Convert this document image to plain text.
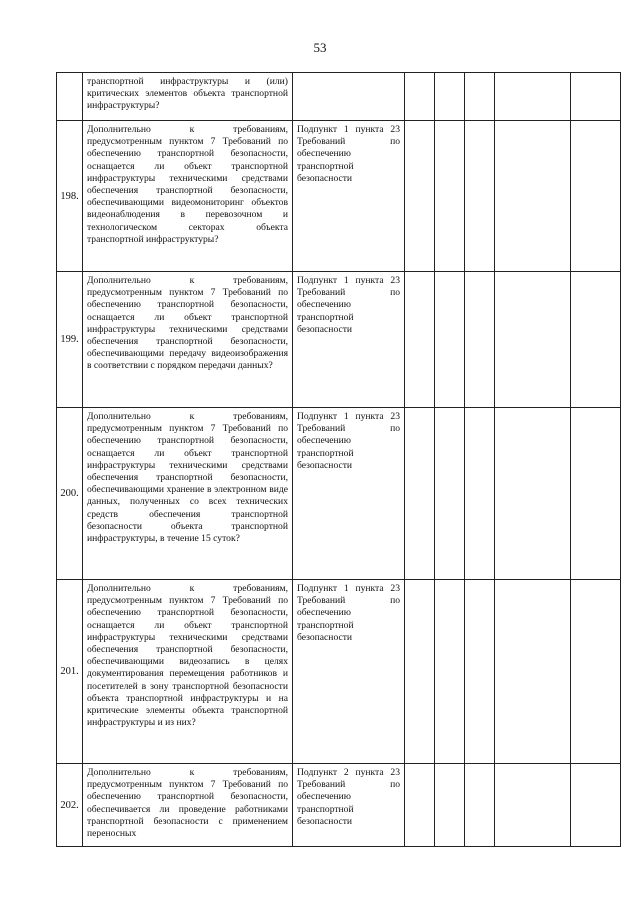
53
	транспортной инфраструктуры и (или) критических элементов объекта транспортной инфраструктуры?						
198.	Дополнительно к требованиям, предусмотренным пунктом 7 Требований по обеспечению транспортной безопасности, оснащается ли объект транспортной инфраструктуры техническими средствами обеспечения транспортной безопасности, обеспечивающими видеомониторинг объектов видеонаблюдения в перевозочном и технологическом секторах объекта транспортной инфраструктуры?	Подпункт 1 пункта 23 Требований по обеспечению транспортной безопасности					
199.	Дополнительно к требованиям, предусмотренным пунктом 7 Требований по обеспечению транспортной безопасности, оснащается ли объект транспортной инфраструктуры техническими средствами обеспечения транспортной безопасности, обеспечивающими передачу видеоизображения в соответствии с порядком передачи данных?	Подпункт 1 пункта 23 Требований по обеспечению транспортной безопасности					
200.	Дополнительно к требованиям, предусмотренным пунктом 7 Требований по обеспечению транспортной безопасности, оснащается ли объект транспортной инфраструктуры техническими средствами обеспечения транспортной безопасности, обеспечивающими хранение в электронном виде данных, полученных со всех технических средств обеспечения транспортной безопасности объекта транспортной инфраструктуры, в течение 15 суток?	Подпункт 1 пункта 23 Требований по обеспечению транспортной безопасности					
201.	Дополнительно к требованиям, предусмотренным пунктом 7 Требований по обеспечению транспортной безопасности, оснащается ли объект транспортной инфраструктуры техническими средствами обеспечения транспортной безопасности, обеспечивающими видеозапись в целях документирования перемещения работников и посетителей в зону транспортной безопасности объекта транспортной инфраструктуры и на критические элементы объекта транспортной инфраструктуры и из них?	Подпункт 1 пункта 23 Требований по обеспечению транспортной безопасности					
202.	Дополнительно к требованиям, предусмотренным пунктом 7 Требований по обеспечению транспортной безопасности, обеспечивается ли проведение работниками транспортной безопасности с применением переносных	Подпункт 2 пункта 23 Требований по обеспечению транспортной безопасности					
